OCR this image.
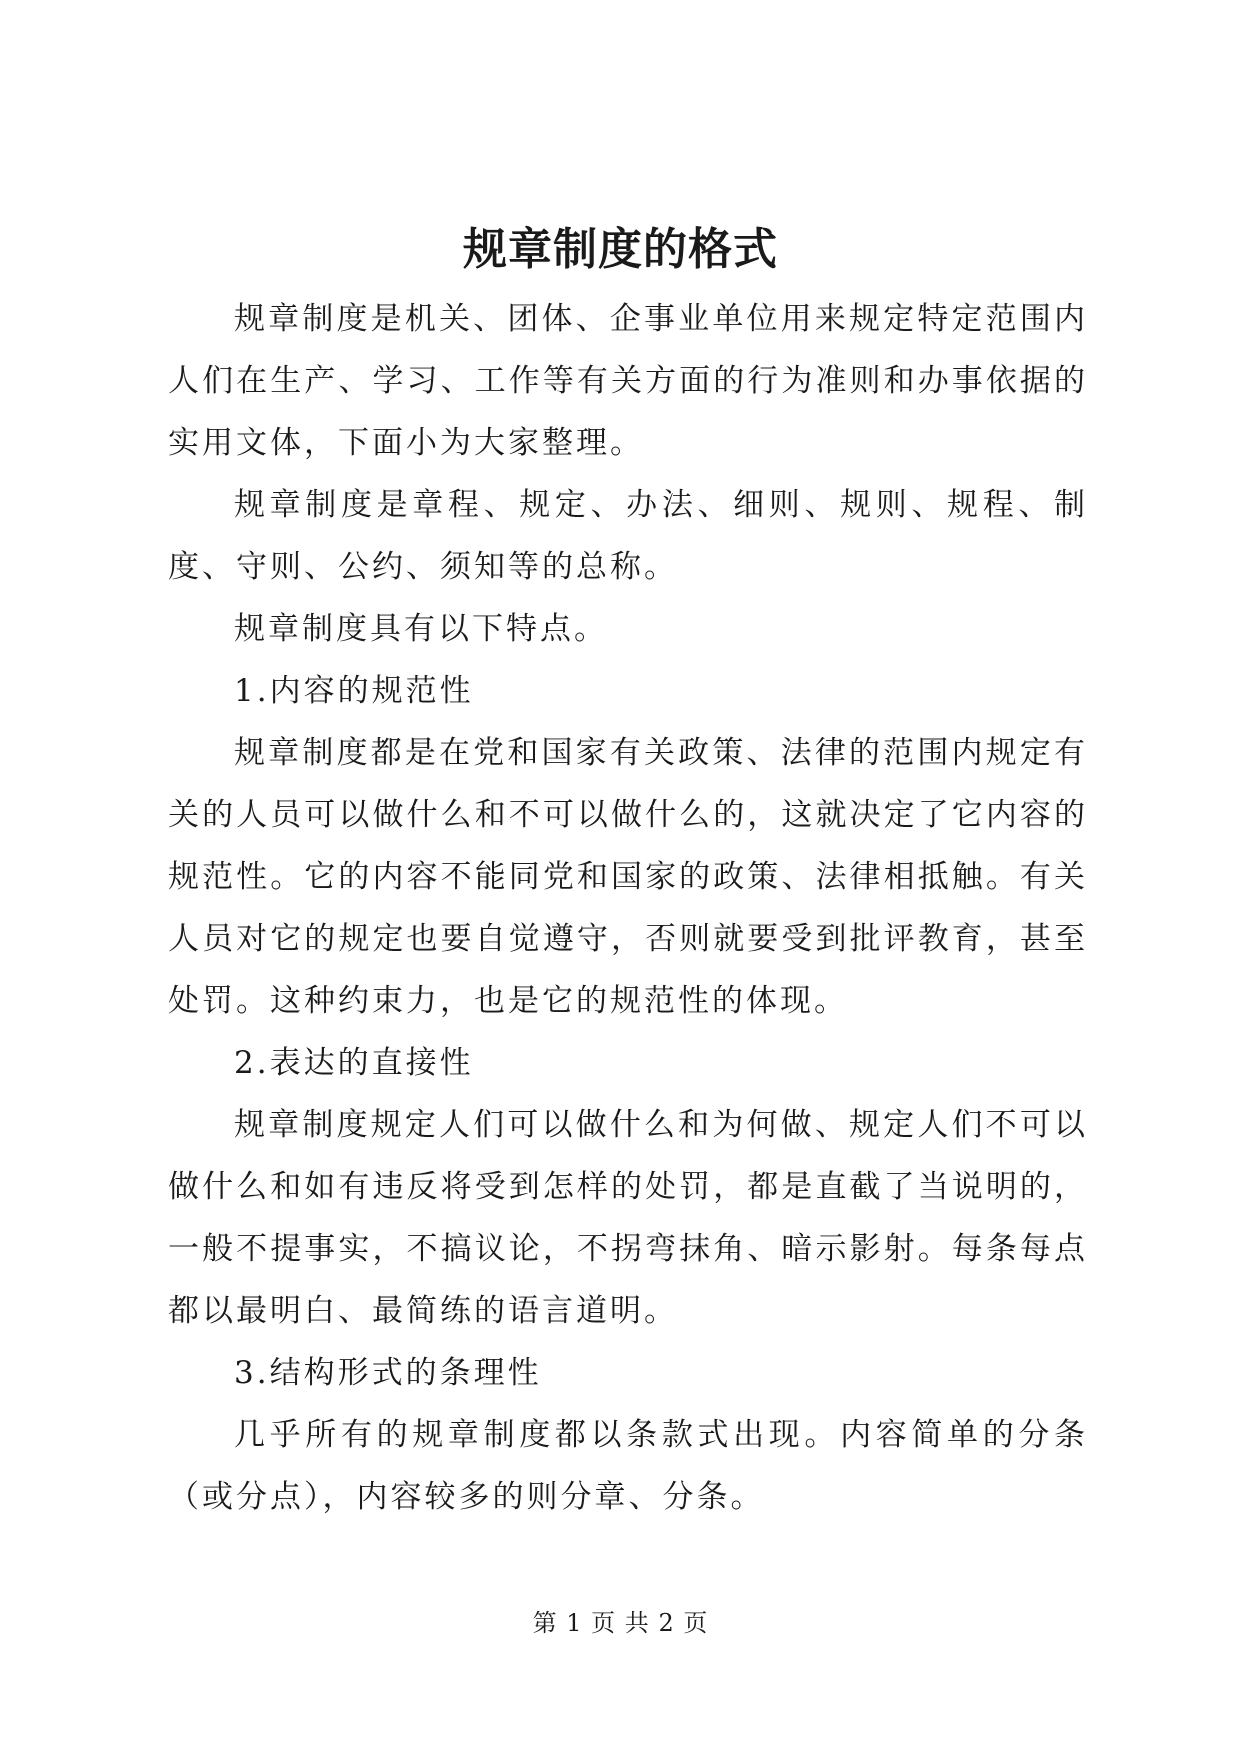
规章制度的格式

规章制度是机关、团体、企事业单位用来规定特定范围内人们在生产、学习、工作等有关方面的行为准则和办事依据的实用文体，下面小为大家整理。

规章制度是章程、规定、办法、细则、规则、规程、制度、守则、公约、须知等的总称。

规章制度具有以下特点。

1.内容的规范性

规章制度都是在党和国家有关政策、法律的范围内规定有关的人员可以做什么和不可以做什么的，这就决定了它内容的规范性。它的内容不能同党和国家的政策、法律相抵触。有关人员对它的规定也要自觉遵守，否则就要受到批评教育，甚至处罚。这种约束力，也是它的规范性的体现。

2.表达的直接性

规章制度规定人们可以做什么和为何做、规定人们不可以做什么和如有违反将受到怎样的处罚，都是直截了当说明的，一般不提事实，不搞议论，不拐弯抹角、暗示影射。每条每点都以最明白、最简练的语言道明。

3.结构形式的条理性

几乎所有的规章制度都以条款式出现。内容简单的分条（或分点），内容较多的则分章、分条。

第 1 页 共 2 页
